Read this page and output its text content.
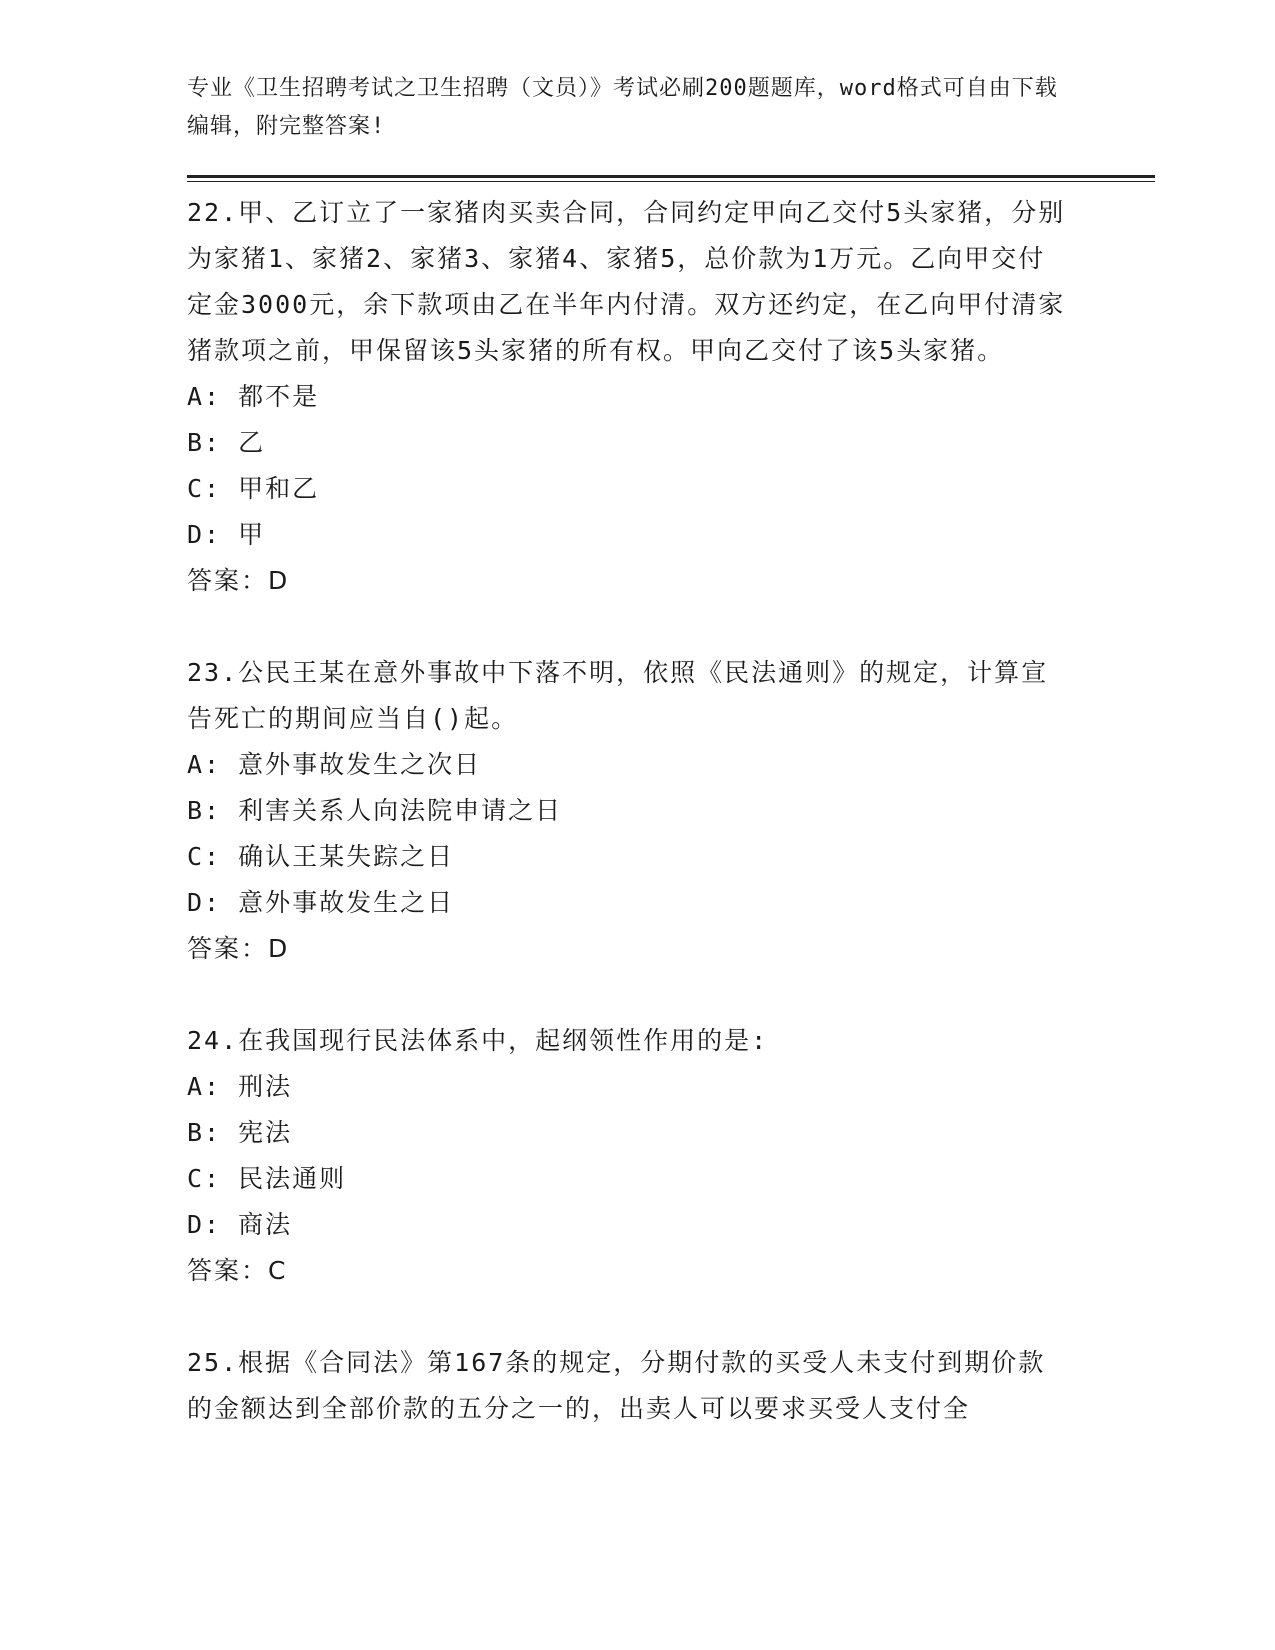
专业《卫生招聘考试之卫生招聘（文员）》考试必刷200题题库，word格式可自由下载编辑，附完整答案!

22.甲、乙订立了一家猪肉买卖合同，合同约定甲向乙交付5头家猪，分别为家猪1、家猪2、家猪3、家猪4、家猪5，总价款为1万元。乙向甲交付定金3000元，余下款项由乙在半年内付清。双方还约定，在乙向甲付清家猪款项之前，甲保留该5头家猪的所有权。甲向乙交付了该5头家猪。

A: 都不是
B: 乙
C: 甲和乙
D: 甲
答案：D

23.公民王某在意外事故中下落不明，依照《民法通则》的规定，计算宣告死亡的期间应当自()起。

A: 意外事故发生之次日
B: 利害关系人向法院申请之日
C: 确认王某失踪之日
D: 意外事故发生之日
答案：D

24.在我国现行民法体系中，起纲领性作用的是:

A: 刑法
B: 宪法
C: 民法通则
D: 商法
答案：C

25.根据《合同法》第167条的规定，分期付款的买受人未支付到期价款的金额达到全部价款的五分之一的，出卖人可以要求买受人支付全
